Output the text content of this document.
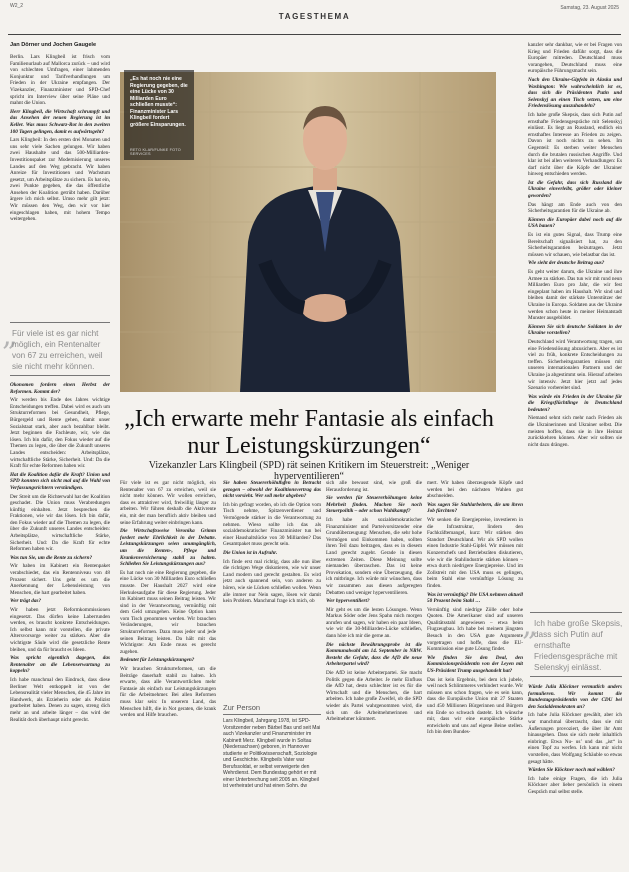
W2_2
TAGESTHEMA
Samstag, 23. August 2025
Jan Dörner und Jochen Gaugele

Berlin. Lars Klingbeil ist frisch vom Familienurlaub auf Mallorca zurück – und wird von schlechten Umfragen, einer lahmenden Konjunktur und Tarifverhandlungen um Frieden in der Ukraine empfangen. Der Vizekanzler, Finanzminister und SPD-Chef spricht im Interview über seine Pläne und mahnt die Union.

Herr Klingbeil, die Wirtschaft schrumpft und das Ansehen der neuen Regierung ist im Keller. Was muss Schwarz-Rot in den zweiten 100 Tagen gelingen, damit es aufwärtsgeht?

Lars Klingbeil: In den ersten drei Monaten und uns sehr viele Sachen gelungen. Wir haben zwei Haushalte und das 500-Milliarden-Investitionspaket zur Modernisierung unseres Landes auf den Weg gebracht. Wir haben Anreize für Investitionen und Wachstum gesetzt, um Arbeitsplätze zu sichern. Es hat ein, zwei Punkte gegeben, die das öffentliche Ansehen der Koalition getrübt haben. Darüber ärgere ich mich selbst. Umso mehr gilt jetzt: Wir müssen den Weg, den wir vor hier eingeschlagen haben, mit hohem Tempo weitergehen.

„
Für viele ist es gar nicht möglich, ein Rentenalter von 67 zu erreichen, weil sie nicht mehr können.

Ökonomen fordern einen Herbst der Reformen. Kommt der?

Wir werden bis Ende des Jahres wichtige Entscheidungen treffen. Dabei wird es auch um Strukturreformen bei Gesundheit, Pflege, Bürgergeld und Rente gehen, damit unser Sozialstaat stark, aber auch bezahlbar bleibt. Jetzt beginnen die Fachleute, wir, wie das lösen. Ich bin dafür, den Fokus wieder auf die Themen zu legen, die über die Zukunft unseres Landes entscheiden: Arbeitsplätze, wirtschaftliche Stärke, Sicherheit. Und: Da die Kraft für echte Reformen haben wir.

Hat die Koalition dafür die Kraft? Union und SPD konnten sich nicht mal auf die Wahl von Verfassungsrichtern verständigen.

Der Streit um die Richterwahl hat der Koalition geschadet. Die Union muss Verabredungen künftig einhalten. Jetzt besprechen die Fraktionen, wie wir das lösen. Ich bin dafür, den Fokus wieder auf die Themen zu legen, die über die Zukunft unseres Landes entscheiden: Arbeitsplätze, wirtschaftliche Stärke, Sicherheit. Und: Da die Kraft für echte Reformen haben wir.

Was tun Sie, um die Rente zu sichern?

Wir haben im Kabinett ein Rentenpaket verabschiedet, das ein Rentenniveau von 48 Prozent sichert. Uns geht es um die Anerkennung der Lebensleistung von Menschen, die hart gearbeitet haben.

Wer trägt das?

Wir haben jetzt Reformkommissionen eingesetzt. Das dürfen keine Laberrunden werden, es braucht konkrete Entscheidungen. Ich selbst kann mir vorstellen, die private Altersvorsorge weiter zu stärken. Aber die wichtigste Säule wird die gesetzliche Rente bleiben, und da für braucht es Ideen.

Was spricht eigentlich dagegen, das Rentenalter an die Lebenserwartung zu koppeln?

Ich habe manchmal den Eindruck, dass diese Berliner Welt entkoppelt ist von der Lebensrealität vieler Menschen, die 45 Jahre im Handwerk, als Erzieherin oder als Polizist gearbeitet haben. Denen zu sagen, streng dich mehr an und arbeite länger – das wird der Realität doch überhaupt nicht gerecht.

„Es hat noch nie eine Regierung gegeben, die eine Lücke von 30 Milliarden Euro schließen musste“: Finanzminister Lars Klingbeil fordert größere Einsparungen.
RETO KLAR/FUNKE FOTO SERVICES

kanzler sehr dankbar, wie er bei Fragen von Krieg und Frieden daführ sorgt, dass die Europäer mitreden. Deutschland muss vorangehen, Deutschland muss eine europäische Führungsmacht sein.

Nach den Ukraine-Gipfeln in Alaska und Washington: Wie wahrscheinlich ist es, dass sich die Präsidenten Putin und Selenskyj an einen Tisch setzen, um eine Friedenslösung auszuhandeln?

Ich habe große Skepsis, dass sich Putin auf ernsthafte Friedensgespräche mit Selenskyj einlässt. Es liegt an Russland, endlich ein ernsthaftes Interesse an Frieden zu zeigen. Davon ist noch nichts zu sehen. Im Gegenteil: Es sterben weiter Menschen durch die brutalen russischen Angriffe. Und klar ist bei allen weiteren Verhandlungen: Es darf nicht über die Köpfe der Ukrainer hinweg entschieden werden.

Ist die Gefahr, dass sich Russland die Ukraine einverleibt, größer oder kleiner geworden?

Das hängt am Ende auch von den Sicherheitsgarantien für die Ukraine ab.

Können die Europäer dabei noch auf die USA bauen?

Es ist ein gutes Signal, dass Trump eine Bereitschaft signalisiert hat, zu den Sicherheitsgarantien beizutragen. Jetzt müssen wir schauen, wie belastbar das ist.

Wie sieht der deutsche Beitrag aus?

Es geht weiter darum, die Ukraine und ihre Armee zu stärken. Das tun wir mit rund neun Milliarden Euro pro Jahr, die wir fest eingeplant haben im Haushalt. Wir sind und bleiben damit der stärkste Unterstützer der Ukraine in Europa. Soldaten aus der Ukraine werden schon heute in meiner Heimatstadt Munster ausgebildet.

Können Sie sich deutsche Soldaten in der Ukraine vorstellen?

Deutschland wird Verantwortung tragen, um eine Friedenslösung abzusichern. Aber es ist viel zu früh, konkrete Entscheidungen zu treffen. Sicherheitsgarantien müssen mit unseren internationalen Partnern und der Ukraine ja abgestimmt sein. Hierauf arbeiten wir intensiv. Jetzt hier jetzt auf jedes Szenario vorbereitet sind.

Was würde ein Frieden in der Ukraine für die Kriegsflüchtlinge in Deutschland bedeuten?

Niemand sehnt sich mehr nach Frieden als die Ukrainerinnen und Ukrainer selbst. Die meisten hoffen, dass sie in ihre Heimat zurückkehren können. Aber wir sollten sie nicht dazu drängen.

„
Ich habe große Skepsis, dass sich Putin auf ernsthafte Friedensgespräche mit Selenskyj einlässt.

Würde Julia Klöckner vermutlich anders formulieren. Wir kommt die Bundestagspräsidentin von der CDU bei den Sozialdemokraten an?

Ich habe Julia Klöckner gewählt, aber ich war manchmal überrascht, dass sie mit Äußerungen provoziert, die über ihr Amt hinausgehen. Dass sie sich mehr inhaltlich einbringt. Etwa Nu- us’ und das „ist“ in einen Topf zu werfen. Ich kann mir nicht vorstellen, dass Wolfgang Schäuble so etwas gesagt hätte.

Würden Sie Klöckner noch mal wählen?

Ich habe einige Fragen, die ich Julia Klöckner aber lieber persönlich in einem Gespräch mal selbst stelle.

„Ich erwarte mehr Fantasie als einfach nur Leistungskürzungen“
Vizekanzler Lars Klingbeil (SPD) rät seinen Kritikern im Steuerstreit: „Weniger hyperventilieren“

Für viele ist es gar nicht möglich, ein Rentenalter von 67 zu erreichen, weil sie nicht mehr können. Wir wollen erreichen, dass es attraktiver wird, freiwillig länger zu arbeiten. Wir führen deshalb die Aktivrente ein, mit der man beruflich aktiv bleiben und seine Erfahrung weiter einbringen kann.

Die Wirtschaftsweise Veronika Grimm fordert mehr Ehrlichkeit in der Debatte. Leistungskürzungen seien unumgänglich, um die Renten-, Pflege und Krankenversicherung stabil zu halten. Schließen Sie Leistungskürzungen aus?

Es hat noch nie eine Regierung gegeben, die eine Lücke von 30 Milliarden Euro schließen musste. Der Haushalt 2027 wird eine Herkulesaufgabe für diese Regierung. Jeder im Kabinett muss seinen Beitrag leisten. Wir sind in der Verantwortung, vernünftig mit dem Geld umzugehen. Keine Option kann vom Tisch genommen werden. Wir brauchen Veränderungen, wir brauchen Strukturreformen. Dazu muss jeder und jede seinen Beitrag leisten. Da hält mit das Wichtigste: Am Ende muss es gerecht zugehen.

Bedeutet für Leistungskürzungen?

Wir brauchen Strukturreformen, um die Beiträge dauerhaft stabil zu halten. Ich erwarte, dass alle Verantwortlichen mehr Fantasie als einfach nur Leistungskürzungen für die Arbeitnehmer. Bei allen Reformen muss klar sein: In unserem Land, das Menschen hilft, die in Not geraten, die krank werden und Hilfe brauchen.

Sie haben Steuererhöhungen in Betracht gezogen – obwohl der Koalitionsvertrag das nicht vorsieht. Wer soll mehr abgeben?

Ich bin gefragt worden, ob ich die Option vom Tisch nehme, Spitzenverdiener und Vermögende stärker in die Verantwortung zu nehmen. Wieso sollte ich das als sozialdemokratischer Finanzminister tun bei einer Haushaltslücke von 30 Milliarden? Das Gesamtpaket muss gerecht sein.

Die Union ist in Aufruhr.

Ich finde erst mal richtig, dass alle nun über die richtigen Wege diskutieren, wie wir unser Land modern und gerecht gestalten. Es wird jetzt auch spannend sein, von anderen zu hören, wie sie Lücken schließen wollen. Wenn alle immer nur Nein sagen, lösen wir damit kein Problem. Manchmal frage ich mich, ob

Zur Person
Lars Klingbeil, Jahrgang 1978, ist SPD-Vorsitzender neben Bärbel Bas und seit Mai auch Vizekanzler und Finanzminister im Kabinett Merz. Klingbeil wurde in Soltau (Niedersachsen) geboren, in Hannover studierte er Politikwissenschaft, Soziologie und Geschichte. Klingbeils Vater war Berufssoldat, er selbst verweigerte den Wehrdienst. Dem Bundestag gehört er mit einer Unterbrechung seit 2005 an. Klingbeil ist verheiratet und hat einen Sohn. dw

sich alle bewusst sind, wie groß die Herausforderung ist.

Sie werden für Steuererhöhungen keine Mehrheit finden. Machen Sie noch Steuerpolitik – oder schon Wahlkampf?

Ich habe als sozialdemokratischer Finanzminister und Parteivorsitzender eine Grundüberzeugung: Menschen, die sehr hohe Vermögen und Einkommen haben, sollten ihren Teil dazu beitragen, dass es in diesem Land gerecht zugeht. Gerade in diesen extremen Zeiten. Diese Meinung sollte niemanden überraschen. Das ist keine Provokation, sondern eine Überzeugung, die ich mitbringe. Ich würde mir wünschen, dass wir zusammen aus diesen aufgeregten Debatten und weniger hyperventilieren.

Wer hyperventiliert?

Mir geht es um die lesten Lösungen. Wenn Markus Söder oder Jens Spahn mich morgen anrufen und sagen, wir haben ein paar Ideen, wie wir die 30-Milliarden-Lücke schließen, dann höre ich mir die gerne an.

Die nächste Bewährungsprobe ist die Kommunalwahl am 14. September in NRW. Besteht die Gefahr, dass die AfD die neue Arbeiterpartei wird?

Die AfD ist keine Arbeiterpartei. Sie macht Politik gegen die Arbeiter. Je mehr Einfluss die AfD hat, desto schlechter ist es für die Wirtschaft und die Menschen, die hart arbeiten. Ich habe große Zweifel, ob die SPD wieder als Partei wahrgenommen wird, die sich um die Arbeitnehmerinnen und Arbeitnehmer kümmert.

mert. Wir haben überzeugende Köpfe und werden bei den nächsten Wahlen gut abschneiden.

Was sagen Sie Stahlarbeitern, die um ihren Job fürchten?

Wir senken die Energiepreise, investieren in die Infrastruktur, lindern den Fachkräftemangel, kurz: Wir stärken den Standort Deutschland. Wir als SPD wollen einen Industrie Stahl-Gipfel. Wir müssen mit Konzernchefs und Betriebsräten diskutieren, wie wir die Stahlindustrie stärken können – etwa durch niedrigere Energiepreise. Und im Zollstreit mit den USA muss es gelingen, beim Stahl eine vernünftige Lösung zu finden.

Was ist vernünftig? Die USA nehmen aktuell 50 Prozent beim Stahl …

Vernünftig sind niedrige Zölle oder hohe Quoten. Die Amerikaner sind auf unseren Qualitätsstahl angewiesen – etwa beim Flugzeugbau. Ich habe bei meinem jüngsten Besuch in den USA gute Argumente vorgetragen und hoffe, dass die EU-Kommission eine gute Lösung findet.

Wie finden Sie den Deal, den Kommissionspräsidentin von der Leyen mit US-Präsident Trump ausgehandelt hat?

Das ist kein Ergebnis, bei dem ich jubele, weil noch Schlimmeres verhindert wurde. Wir müssen uns schon fragen, wie es sein kann, dass die Europäische Union mit 27 Staaten und 450 Millionen Bürgerinnen und Bürgern ein Ende so schwach dasteht. Ich wünsche mir, dass wir eine europäische Stärke entwickeln und uns auf eigene Beine stellen. Ich bin dem Bundes-
